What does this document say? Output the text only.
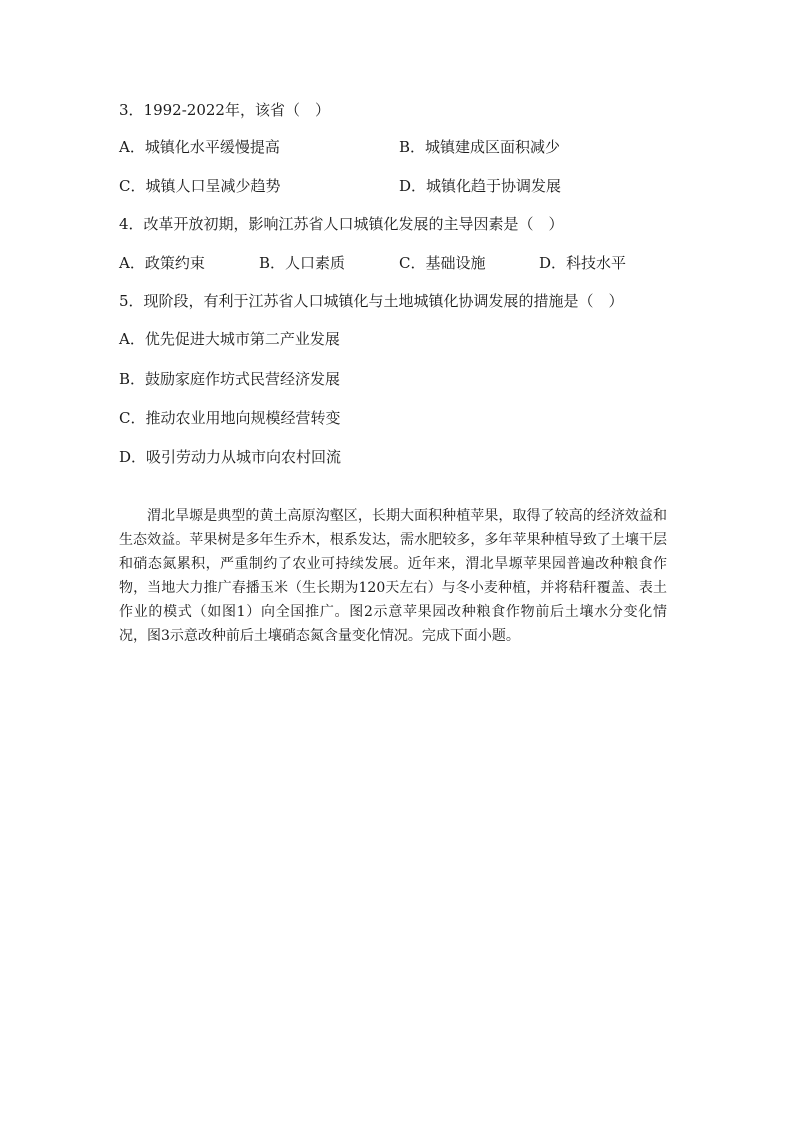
3．1992-2022年，该省（　）
A．城镇化水平缓慢提高	B．城镇建成区面积减少
C．城镇人口呈减少趋势	D．城镇化趋于协调发展
4．改革开放初期，影响江苏省人口城镇化发展的主导因素是（　）
A．政策约束	B．人口素质	C．基础设施	D．科技水平
5．现阶段，有利于江苏省人口城镇化与土地城镇化协调发展的措施是（　）
A．优先促进大城市第二产业发展
B．鼓励家庭作坊式民营经济发展
C．推动农业用地向规模经营转变
D．吸引劳动力从城市向农村回流

渭北旱塬是典型的黄土高原沟壑区，长期大面积种植苹果，取得了较高的经济效益和生态效益。苹果树是多年生乔木，根系发达，需水肥较多，多年苹果种植导致了土壤干层和硝态氮累积，严重制约了农业可持续发展。近年来，渭北旱塬苹果园普遍改种粮食作物，当地大力推广春播玉米（生长期为120天左右）与冬小麦种植，并将秸秆覆盖、表土作业的模式（如图1）向全国推广。图2示意苹果园改种粮食作物前后土壤水分变化情况，图3示意改种前后土壤硝态氮含量变化情况。完成下面小题。
